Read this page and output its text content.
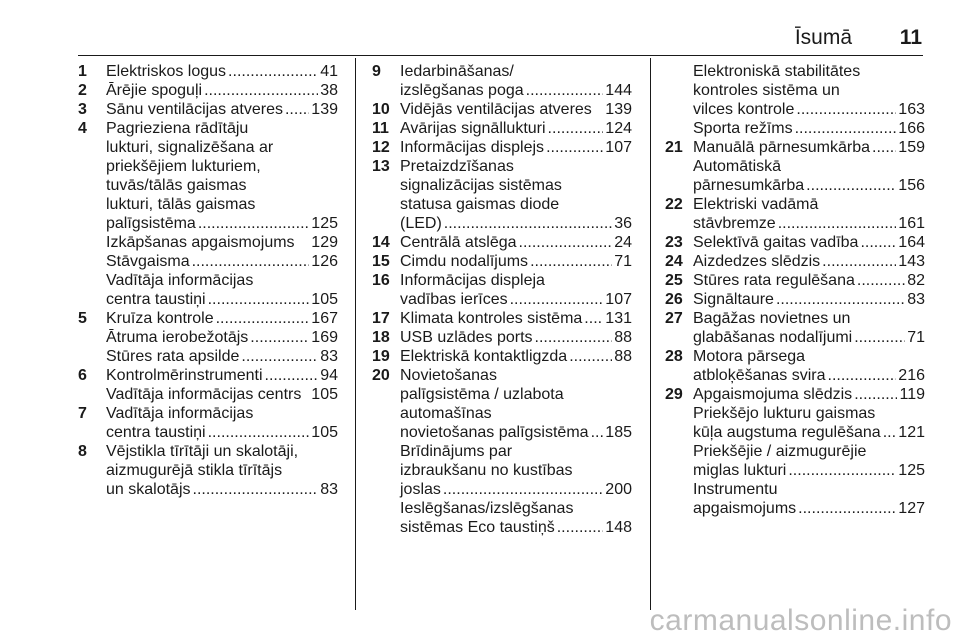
Īsumā 11
1 Elektriskos logus .....	41
2 Ārējie spoguļi .....	38
3 Sānu ventilācijas atveres ..... 139
4 Pagrieziena rādītāju
lukturi, signalizēšana ar
priekšējiem lukturiem,
tuvās/tālās gaismas
lukturi, tālās gaismas
palīgsistēma .....	125
Izkāpšanas apgaismojums 129
Stāvgaisma .....	126
Vadītāja informācijas
centra taustiņi .....	105
5 Kruīza kontrole .....	167
Ātruma ierobežotājs .....	169
Stūres rata apsilde .....	83
6 Kontrolmērinstrumenti .....	94
Vadītāja informācijas centrs 105
7 Vadītāja informācijas
centra taustiņi .....	105
8 Vējstikla tīrītāji un skalotāji,
aizmugurējā stikla tīrītājs
un skalotājs .....	83
9 Iedarbināšanas/
izslēgšanas poga .....	144
10 Vidējās ventilācijas atveres 139
11 Avārijas signāllukturi .....	124
12 Informācijas displejs .....	107
13 Pretaizdzīšanas
signalizācijas sistēmas
statusa gaismas diode
(LED) .....	36
14 Centrālā atslēga .....	24
15 Cimdu nodalījums .....	71
16 Informācijas displeja
vadības ierīces .....	107
17 Klimata kontroles sistēma ..... 131
18 USB uzlādes ports .....	88
19 Elektriskā kontaktligzda .....	88
20 Novietošanas
palīgsistēma / uzlabota
automašīnas
novietošanas palīgsistēma ..... 185
Brīdinājums par
izbraukšanu no kustības
joslas .....	200
Ieslēgšanas/izslēgšanas
sistēmas Eco taustiņš .....	148
Elektroniskā stabilitātes
kontroles sistēma un
vilces kontrole .....	163
Sporta režīms .....	166
21 Manuālā pārnesumkārba ..... 159
Automātiskā
pārnesumkārba .....	156
22 Elektriski vadāmā
stāvbremze .....	161
23 Selektīvā gaitas vadība ..... 164
24 Aizdedzes slēdzis .....	143
25 Stūres rata regulēšana .....	82
26 Signāltaure .....	83
27 Bagāžas novietnes un
glabāšanas nodalījumi .....	71
28 Motora pārsega
atbloķēšanas svira .....	216
29 Apgaismojuma slēdzis .....	119
Priekšējo lukturu gaismas
kūļa augstuma regulēšana ..... 121
Priekšējie / aizmugurējie
miglas lukturi .....	125
Instrumentu
apgaismojums .....	127
carmanualsonline.info
